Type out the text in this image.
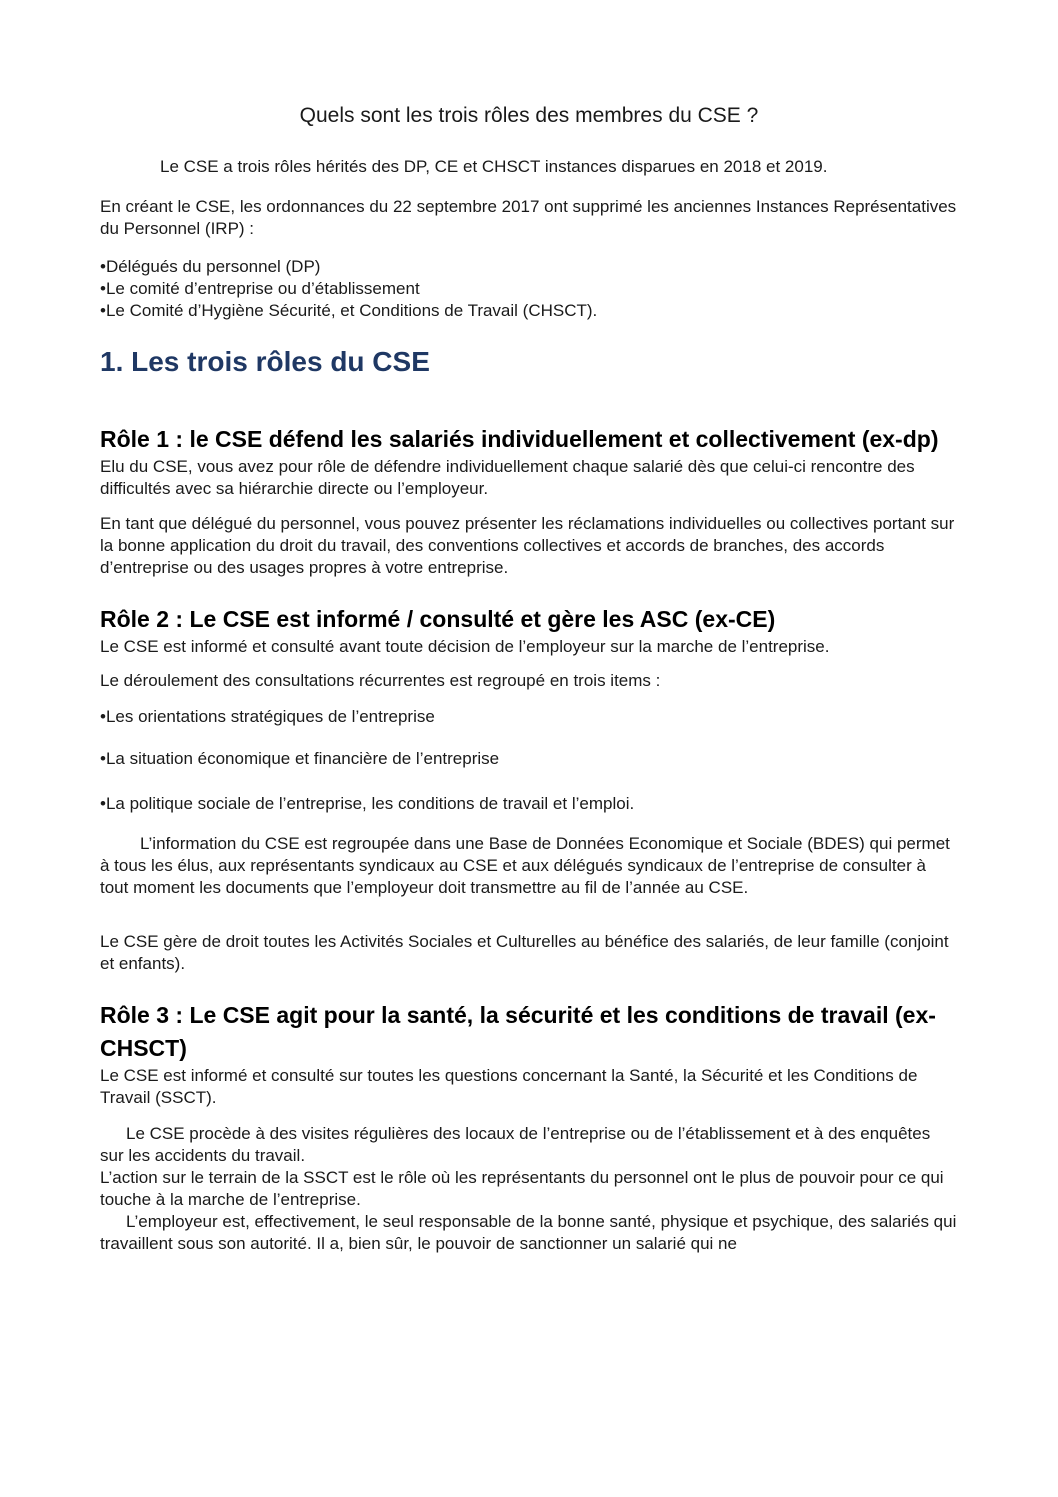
Quels sont les trois rôles des membres du CSE ?

Le CSE a trois rôles hérités des DP, CE et CHSCT instances disparues en 2018 et 2019.

En créant le CSE, les ordonnances du 22 septembre 2017 ont supprimé les anciennes Instances Représentatives du Personnel (IRP) :

•Délégués du personnel (DP)

•Le comité d’entreprise ou d’établissement

•Le Comité d’Hygiène Sécurité, et Conditions de Travail (CHSCT).

1. Les trois rôles du CSE
Rôle 1 : le CSE défend les salariés individuellement et collectivement (ex-dp)

Elu du CSE, vous avez pour rôle de défendre individuellement chaque salarié dès que celui-ci rencontre des difficultés avec sa hiérarchie directe ou l’employeur.

En tant que délégué du personnel, vous pouvez présenter les réclamations individuelles ou collectives portant sur la bonne application du droit du travail, des conventions collectives et accords de branches, des accords d’entreprise ou des usages propres à votre entreprise.

Rôle 2 : Le CSE est informé / consulté et gère les ASC (ex-CE)

Le CSE est informé et consulté avant toute décision de l’employeur sur la marche de l’entreprise.

Le déroulement des consultations récurrentes est regroupé en trois items :

•Les orientations stratégiques de l’entreprise

•La situation économique et financière de l’entreprise

•La politique sociale de l’entreprise, les conditions de travail et l’emploi.

L’information du CSE est regroupée dans une Base de Données Economique et Sociale (BDES) qui permet à tous les élus, aux représentants syndicaux au CSE et aux délégués syndicaux de l’entreprise de consulter à tout moment les documents que l’employeur doit transmettre au fil de l’année au CSE.

Le CSE gère de droit toutes les Activités Sociales et Culturelles au bénéfice des salariés, de leur famille (conjoint et enfants).

Rôle 3 : Le CSE agit pour la santé, la sécurité et les conditions de travail (ex-CHSCT)

Le CSE est informé et consulté sur toutes les questions concernant la Santé, la Sécurité et les Conditions de Travail (SSCT).

Le CSE procède à des visites régulières des locaux de l’entreprise ou de l’établissement et à des enquêtes sur les accidents du travail.

L’action sur le terrain de la SSCT est le rôle où les représentants du personnel ont le plus de pouvoir pour ce qui touche à la marche de l’entreprise.

L’employeur est, effectivement, le seul responsable de la bonne santé, physique et psychique, des salariés qui travaillent sous son autorité. Il a, bien sûr, le pouvoir de sanctionner un salarié qui ne
